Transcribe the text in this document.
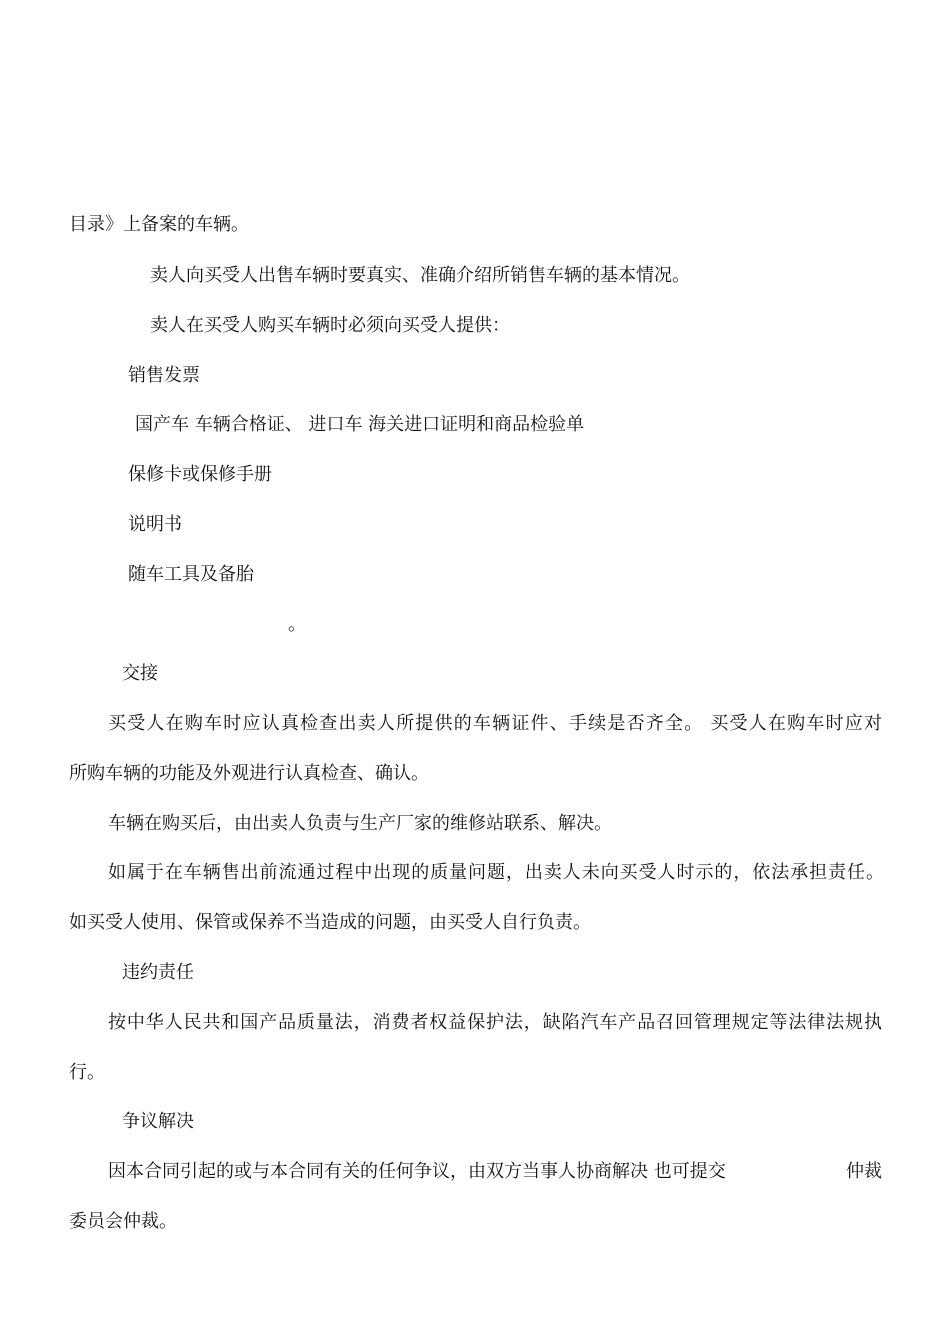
目录》上备案的车辆。
卖人向买受人出售车辆时要真实、准确介绍所销售车辆的基本情况。
卖人在买受人购买车辆时必须向买受人提供：
销售发票
国产车 车辆合格证、 进口车 海关进口证明和商品检验单
保修卡或保修手册
说明书
随车工具及备胎
。
交接
买受人在购车时应认真检查出卖人所提供的车辆证件、手续是否齐全。 买受人在购车时应对
所购车辆的功能及外观进行认真检查、确认。
车辆在购买后，由出卖人负责与生产厂家的维修站联系、解决。
如属于在车辆售出前流通过程中出现的质量问题，出卖人未向买受人时示的，依法承担责任。
如买受人使用、保管或保养不当造成的问题，由买受人自行负责。
违约责任
按中华人民共和国产品质量法，消费者权益保护法，缺陷汽车产品召回管理规定等法律法规执
行。
争议解决
因本合同引起的或与本合同有关的任何争议，由双方当事人协商解决 也可提交	仲裁
委员会仲裁。
